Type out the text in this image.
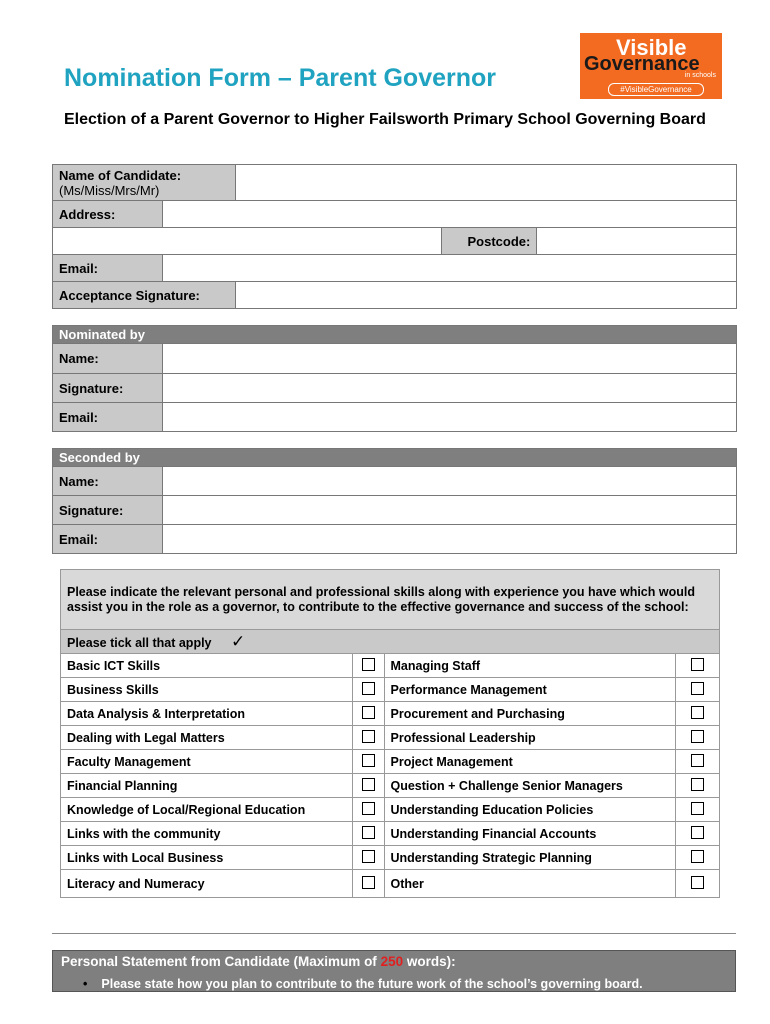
Nomination Form – Parent Governor
Election of a Parent Governor to Higher Failsworth Primary School Governing Board
Visible
Governance
in schools
#VisibleGovernance
Name of Candidate:
(Ms/Miss/Mrs/Mr)				

Address:				
			Postcode:	
Email:				
Acceptance Signature:				
Nominated by	
Name:	
Signature:	
Email:	
Seconded by	
Name:	
Signature:	
Email:	
Please indicate the relevant personal and professional skills along with experience you have which would assist you in the role as a governor, to contribute to the effective governance and success of the school:			
Please tick all that apply ✓			
Basic ICT Skills		Managing Staff	
Business Skills		Performance Management	
Data Analysis & Interpretation		Procurement and Purchasing	
Dealing with Legal Matters		Professional Leadership	
Faculty Management		Project Management	
Financial Planning		Question + Challenge Senior Managers	
Knowledge of Local/Regional Education		Understanding Education Policies	
Links with the community		Understanding Financial Accounts	
Links with Local Business		Understanding Strategic Planning	
Literacy and Numeracy		Other	
Personal Statement from Candidate (Maximum of 250 words):
• Please state how you plan to contribute to the future work of the school’s governing board.
